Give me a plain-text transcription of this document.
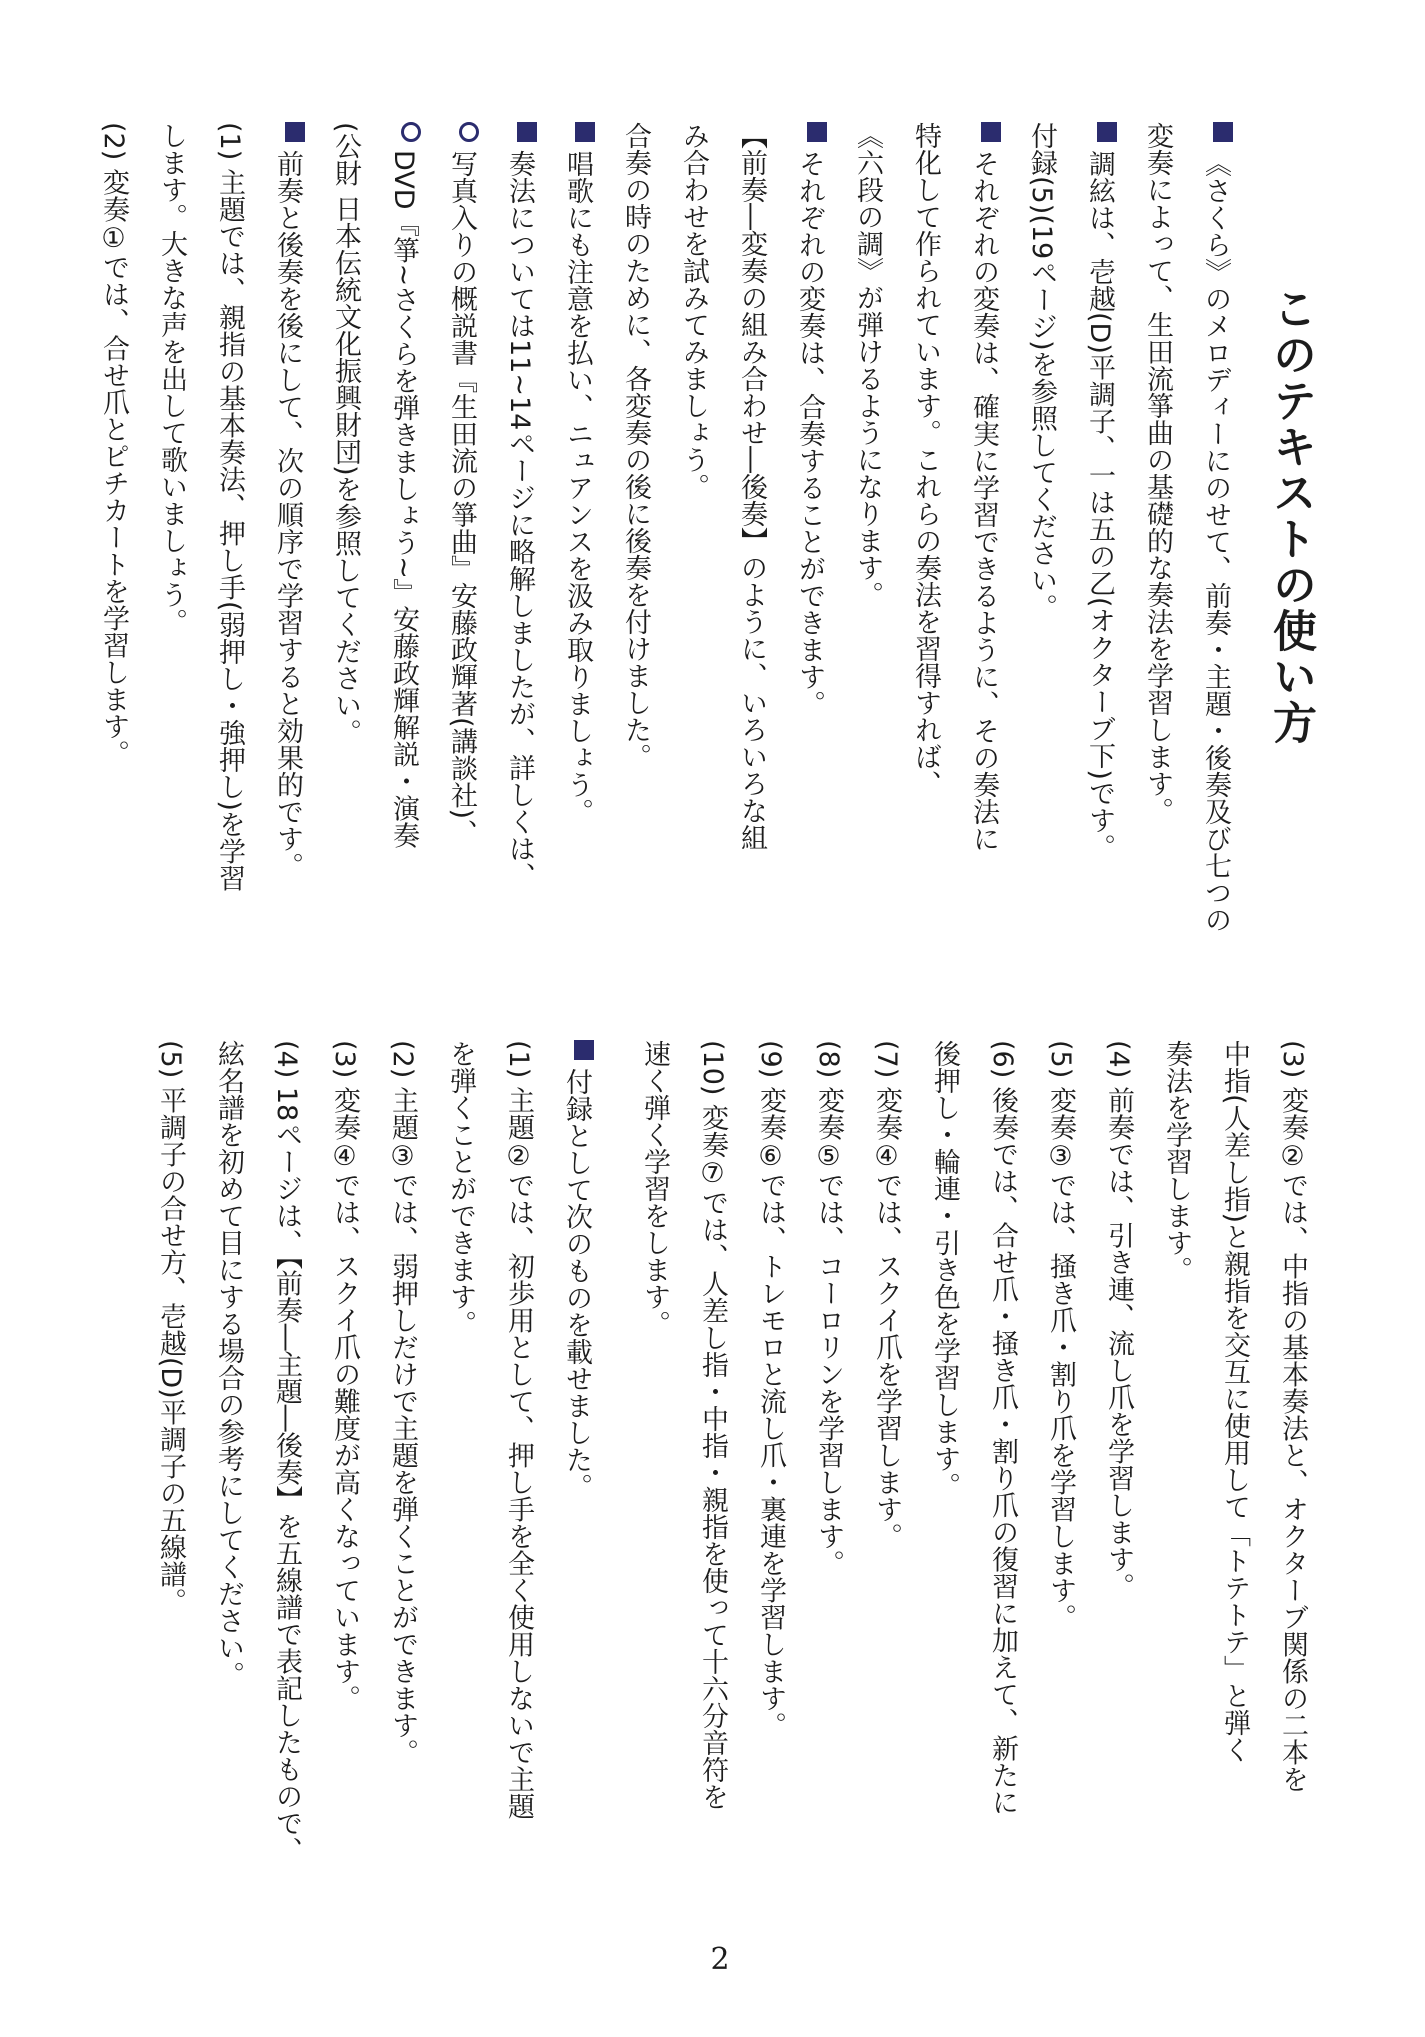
このテキストの使い方
《さくら》のメロディーにのせて、前奏・主題・後奏及び七つの
変奏によって、生田流箏曲の基礎的な奏法を学習します。
調絃は、壱越(D)平調子、一は五の乙(オクターブ下)です。
付録(5)(19ページ)を参照してください。
それぞれの変奏は、確実に学習できるように、その奏法に
特化して作られています。これらの奏法を習得すれば、
《六段の調》が弾けるようになります。
それぞれの変奏は、合奏することができます。
【前奏―変奏の組み合わせ―後奏】のように、いろいろな組
み合わせを試みてみましょう。
合奏の時のために、各変奏の後に後奏を付けました。
唱歌にも注意を払い、ニュアンスを汲み取りましょう。
奏法については11~14ページに略解しましたが、詳しくは、
写真入りの概説書『生田流の箏曲』安藤政輝著(講談社)、
DVD『箏~さくらを弾きましょう~』安藤政輝解説・演奏
(公財 日本伝統文化振興財団)を参照してください。
前奏と後奏を後にして、次の順序で学習すると効果的です。
(1) 主題では、親指の基本奏法、押し手(弱押し・強押し)を学習
します。大きな声を出して歌いましょう。
(2) 変奏①では、合せ爪とピチカートを学習します。
(3) 変奏②では、中指の基本奏法と、オクターブ関係の二本を
中指(人差し指)と親指を交互に使用して「トテトテ」と弾く
奏法を学習します。
(4) 前奏では、引き連、流し爪を学習します。
(5) 変奏③では、掻き爪・割り爪を学習します。
(6) 後奏では、合せ爪・掻き爪・割り爪の復習に加えて、新たに
後押し・輪連・引き色を学習します。
(7) 変奏④では、スクイ爪を学習します。
(8) 変奏⑤では、コーロリンを学習します。
(9) 変奏⑥では、トレモロと流し爪・裏連を学習します。
(10) 変奏⑦では、人差し指・中指・親指を使って十六分音符を
速く弾く学習をします。
付録として次のものを載せました。
(1) 主題②では、初歩用として、押し手を全く使用しないで主題
を弾くことができます。
(2) 主題③では、弱押しだけで主題を弾くことができます。
(3) 変奏④では、スクイ爪の難度が高くなっています。
(4) 18ページは、【前奏―主題―後奏】を五線譜で表記したもので、
絃名譜を初めて目にする場合の参考にしてください。
(5) 平調子の合せ方、壱越(D)平調子の五線譜。
2
